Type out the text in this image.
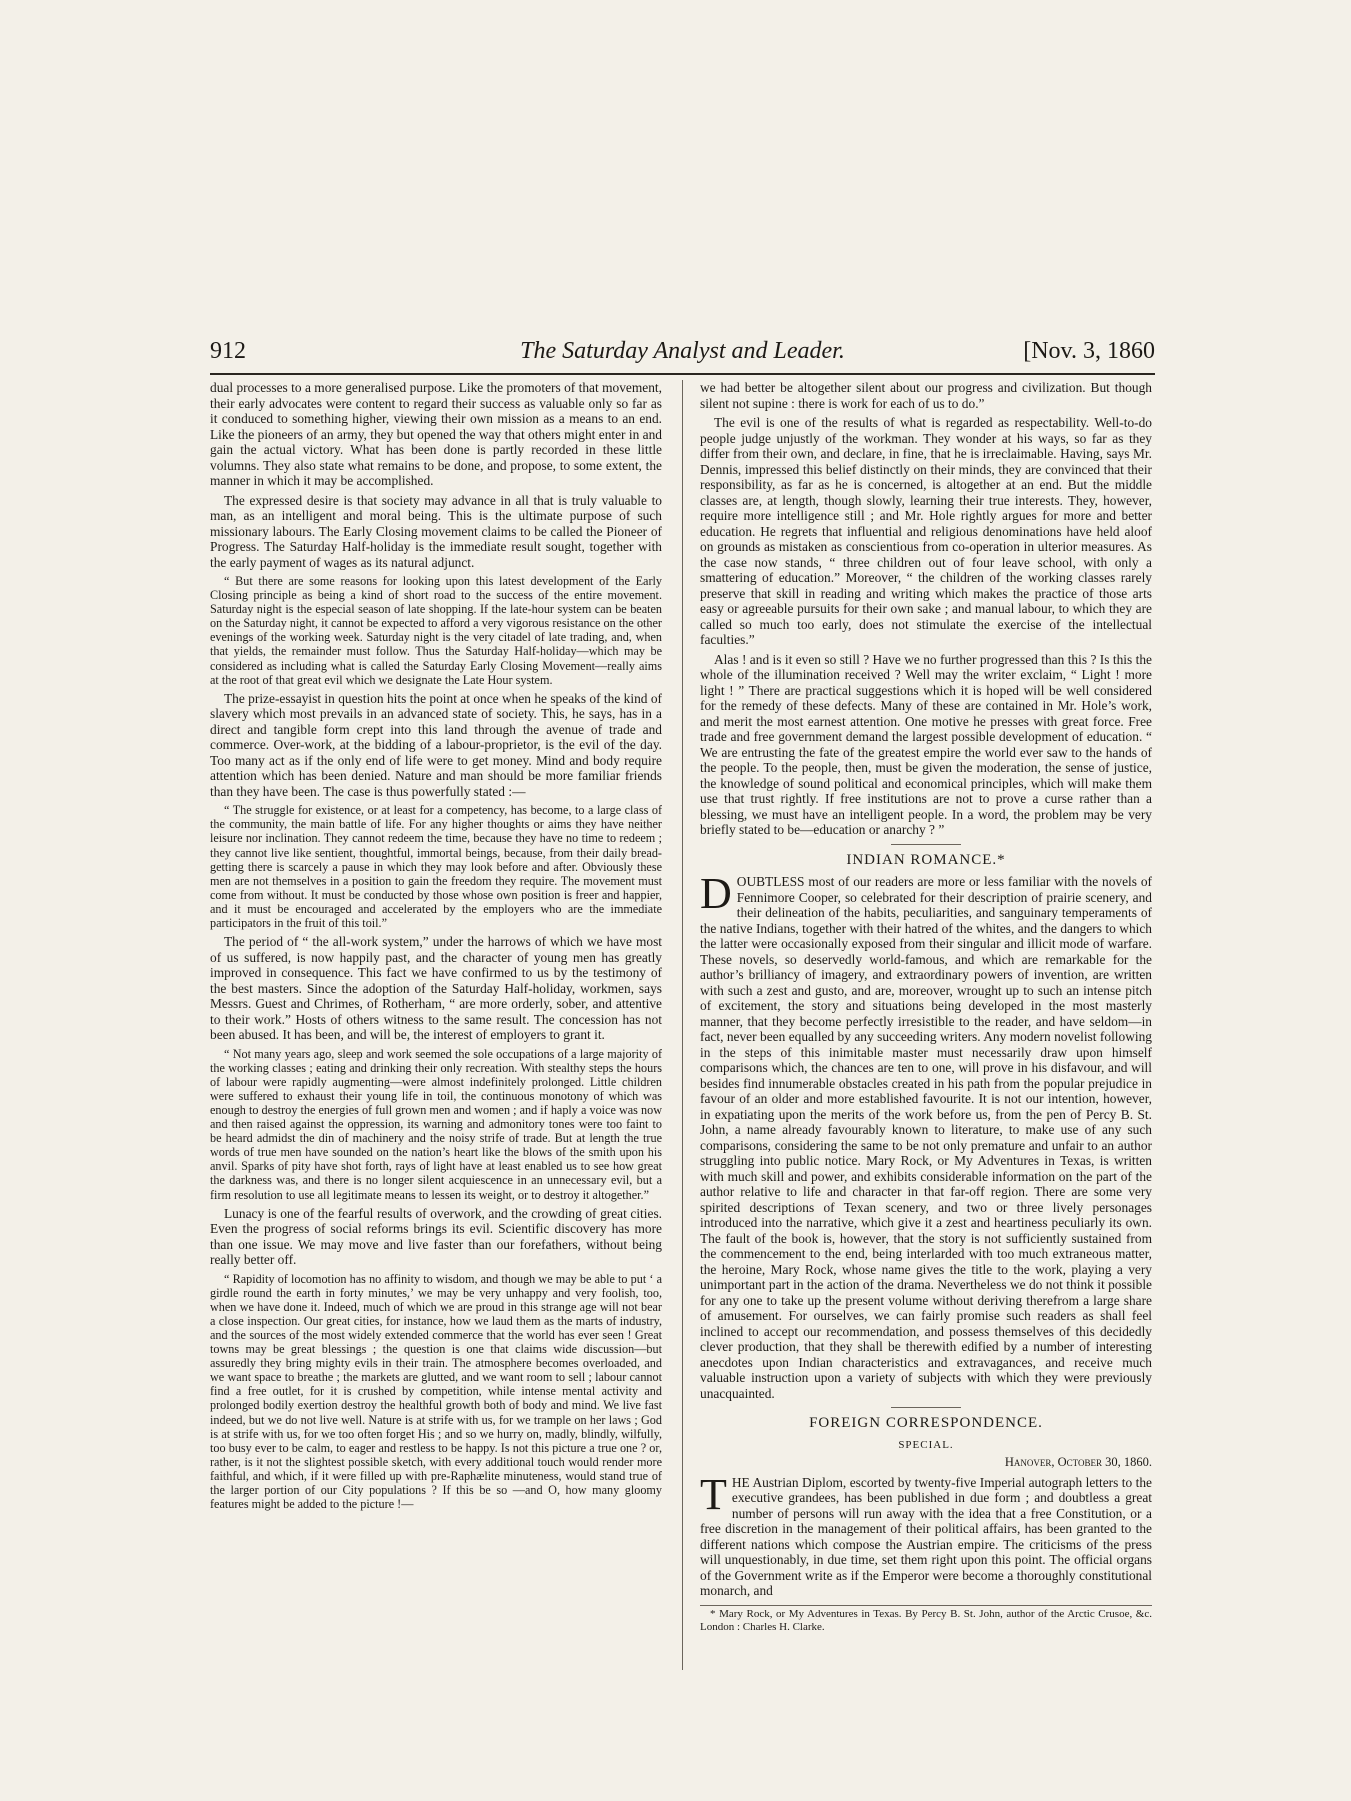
912	The Saturday Analyst and Leader.	[Nov. 3, 1860

dual processes to a more generalised purpose. Like the promoters of that movement, their early advocates were content to regard their success as valuable only so far as it conduced to something higher, viewing their own mission as a means to an end. Like the pioneers of an army, they but opened the way that others might enter in and gain the actual victory. What has been done is partly recorded in these little volumns. They also state what remains to be done, and propose, to some extent, the manner in which it may be accomplished.

The expressed desire is that society may advance in all that is truly valuable to man, as an intelligent and moral being. This is the ultimate purpose of such missionary labours. The Early Closing movement claims to be called the Pioneer of Progress. The Saturday Half-holiday is the immediate result sought, together with the early payment of wages as its natural adjunct.

“ But there are some reasons for looking upon this latest development of the Early Closing principle as being a kind of short road to the success of the entire movement. Saturday night is the especial season of late shopping. If the late-hour system can be beaten on the Saturday night, it cannot be expected to afford a very vigorous resistance on the other evenings of the working week. Saturday night is the very citadel of late trading, and, when that yields, the remainder must follow. Thus the Saturday Half-holiday—which may be considered as including what is called the Saturday Early Closing Movement—really aims at the root of that great evil which we designate the Late Hour system.

The prize-essayist in question hits the point at once when he speaks of the kind of slavery which most prevails in an advanced state of society. This, he says, has in a direct and tangible form crept into this land through the avenue of trade and commerce. Over-work, at the bidding of a labour-proprietor, is the evil of the day. Too many act as if the only end of life were to get money. Mind and body require attention which has been denied. Nature and man should be more familiar friends than they have been. The case is thus powerfully stated :—

“ The struggle for existence, or at least for a competency, has become, to a large class of the community, the main battle of life. For any higher thoughts or aims they have neither leisure nor inclination. They cannot redeem the time, because they have no time to redeem ; they cannot live like sentient, thoughtful, immortal beings, because, from their daily bread-getting there is scarcely a pause in which they may look before and after. Obviously these men are not themselves in a position to gain the freedom they require. The movement must come from without. It must be conducted by those whose own position is freer and happier, and it must be encouraged and accelerated by the employers who are the immediate participators in the fruit of this toil.”

The period of “ the all-work system,” under the harrows of which we have most of us suffered, is now happily past, and the character of young men has greatly improved in consequence. This fact we have confirmed to us by the testimony of the best masters. Since the adoption of the Saturday Half-holiday, workmen, says Messrs. Guest and Chrimes, of Rotherham, “ are more orderly, sober, and attentive to their work.” Hosts of others witness to the same result. The concession has not been abused. It has been, and will be, the interest of employers to grant it.

“ Not many years ago, sleep and work seemed the sole occupations of a large majority of the working classes ; eating and drinking their only recreation. With stealthy steps the hours of labour were rapidly augmenting—were almost indefinitely prolonged. Little children were suffered to exhaust their young life in toil, the continuous monotony of which was enough to destroy the energies of full grown men and women ; and if haply a voice was now and then raised against the oppression, its warning and admonitory tones were too faint to be heard admidst the din of machinery and the noisy strife of trade. But at length the true words of true men have sounded on the nation’s heart like the blows of the smith upon his anvil. Sparks of pity have shot forth, rays of light have at least enabled us to see how great the darkness was, and there is no longer silent acquiescence in an unnecessary evil, but a firm resolution to use all legitimate means to lessen its weight, or to destroy it altogether.”

Lunacy is one of the fearful results of overwork, and the crowding of great cities. Even the progress of social reforms brings its evil. Scientific discovery has more than one issue. We may move and live faster than our forefathers, without being really better off.

“ Rapidity of locomotion has no affinity to wisdom, and though we may be able to put ‘ a girdle round the earth in forty minutes,’ we may be very unhappy and very foolish, too, when we have done it. Indeed, much of which we are proud in this strange age will not bear a close inspection. Our great cities, for instance, how we laud them as the marts of industry, and the sources of the most widely extended commerce that the world has ever seen ! Great towns may be great blessings ; the question is one that claims wide discussion—but assuredly they bring mighty evils in their train. The atmosphere becomes overloaded, and we want space to breathe ; the markets are glutted, and we want room to sell ; labour cannot find a free outlet, for it is crushed by competition, while intense mental activity and prolonged bodily exertion destroy the healthful growth both of body and mind. We live fast indeed, but we do not live well. Nature is at strife with us, for we trample on her laws ; God is at strife with us, for we too often forget His ; and so we hurry on, madly, blindly, wilfully, too busy ever to be calm, to eager and restless to be happy. Is not this picture a true one ? or, rather, is it not the slightest possible sketch, with every additional touch would render more faithful, and which, if it were filled up with pre-Raphælite minuteness, would stand true of the larger portion of our City populations ? If this be so —and O, how many gloomy features might be added to the picture !—

we had better be altogether silent about our progress and civilization. But though silent not supine : there is work for each of us to do.”

The evil is one of the results of what is regarded as respectability. Well-to-do people judge unjustly of the workman. They wonder at his ways, so far as they differ from their own, and declare, in fine, that he is irreclaimable. Having, says Mr. Dennis, impressed this belief distinctly on their minds, they are convinced that their responsibility, as far as he is concerned, is altogether at an end. But the middle classes are, at length, though slowly, learning their true interests. They, however, require more intelligence still ; and Mr. Hole rightly argues for more and better education. He regrets that influential and religious denominations have held aloof on grounds as mistaken as conscientious from co-operation in ulterior measures. As the case now stands, “ three children out of four leave school, with only a smattering of education.” Moreover, “ the children of the working classes rarely preserve that skill in reading and writing which makes the practice of those arts easy or agreeable pursuits for their own sake ; and manual labour, to which they are called so much too early, does not stimulate the exercise of the intellectual faculties.”

Alas ! and is it even so still ? Have we no further progressed than this ? Is this the whole of the illumination received ? Well may the writer exclaim, “ Light ! more light ! ” There are practical suggestions which it is hoped will be well considered for the remedy of these defects. Many of these are contained in Mr. Hole’s work, and merit the most earnest attention. One motive he presses with great force. Free trade and free government demand the largest possible development of education. “ We are entrusting the fate of the greatest empire the world ever saw to the hands of the people. To the people, then, must be given the moderation, the sense of justice, the knowledge of sound political and economical principles, which will make them use that trust rightly. If free institutions are not to prove a curse rather than a blessing, we must have an intelligent people. In a word, the problem may be very briefly stated to be—education or anarchy ? ”

INDIAN ROMANCE.*

DOUBTLESS most of our readers are more or less familiar with the novels of Fennimore Cooper, so celebrated for their description of prairie scenery, and their delineation of the habits, peculiarities, and sanguinary temperaments of the native Indians, together with their hatred of the whites, and the dangers to which the latter were occasionally exposed from their singular and illicit mode of warfare. These novels, so deservedly world-famous, and which are remarkable for the author’s brilliancy of imagery, and extraordinary powers of invention, are written with such a zest and gusto, and are, moreover, wrought up to such an intense pitch of excitement, the story and situations being developed in the most masterly manner, that they become perfectly irresistible to the reader, and have seldom—in fact, never been equalled by any succeeding writers. Any modern novelist following in the steps of this inimitable master must necessarily draw upon himself comparisons which, the chances are ten to one, will prove in his disfavour, and will besides find innumerable obstacles created in his path from the popular prejudice in favour of an older and more established favourite. It is not our intention, however, in expatiating upon the merits of the work before us, from the pen of Percy B. St. John, a name already favourably known to literature, to make use of any such comparisons, considering the same to be not only premature and unfair to an author struggling into public notice. Mary Rock, or My Adventures in Texas, is written with much skill and power, and exhibits considerable information on the part of the author relative to life and character in that far-off region. There are some very spirited descriptions of Texan scenery, and two or three lively personages introduced into the narrative, which give it a zest and heartiness peculiarly its own. The fault of the book is, however, that the story is not sufficiently sustained from the commencement to the end, being interlarded with too much extraneous matter, the heroine, Mary Rock, whose name gives the title to the work, playing a very unimportant part in the action of the drama. Nevertheless we do not think it possible for any one to take up the present volume without deriving therefrom a large share of amusement. For ourselves, we can fairly promise such readers as shall feel inclined to accept our recommendation, and possess themselves of this decidedly clever production, that they shall be therewith edified by a number of interesting anecdotes upon Indian characteristics and extravagances, and receive much valuable instruction upon a variety of subjects with which they were previously unacquainted.

FOREIGN CORRESPONDENCE.
SPECIAL.
Hanover, October 30, 1860.

THE Austrian Diplom, escorted by twenty-five Imperial autograph letters to the executive grandees, has been published in due form ; and doubtless a great number of persons will run away with the idea that a free Constitution, or a free discretion in the management of their political affairs, has been granted to the different nations which compose the Austrian empire. The criticisms of the press will unquestionably, in due time, set them right upon this point. The official organs of the Government write as if the Emperor were become a thoroughly constitutional monarch, and

* Mary Rock, or My Adventures in Texas. By Percy B. St. John, author of the Arctic Crusoe, &c. London : Charles H. Clarke.
